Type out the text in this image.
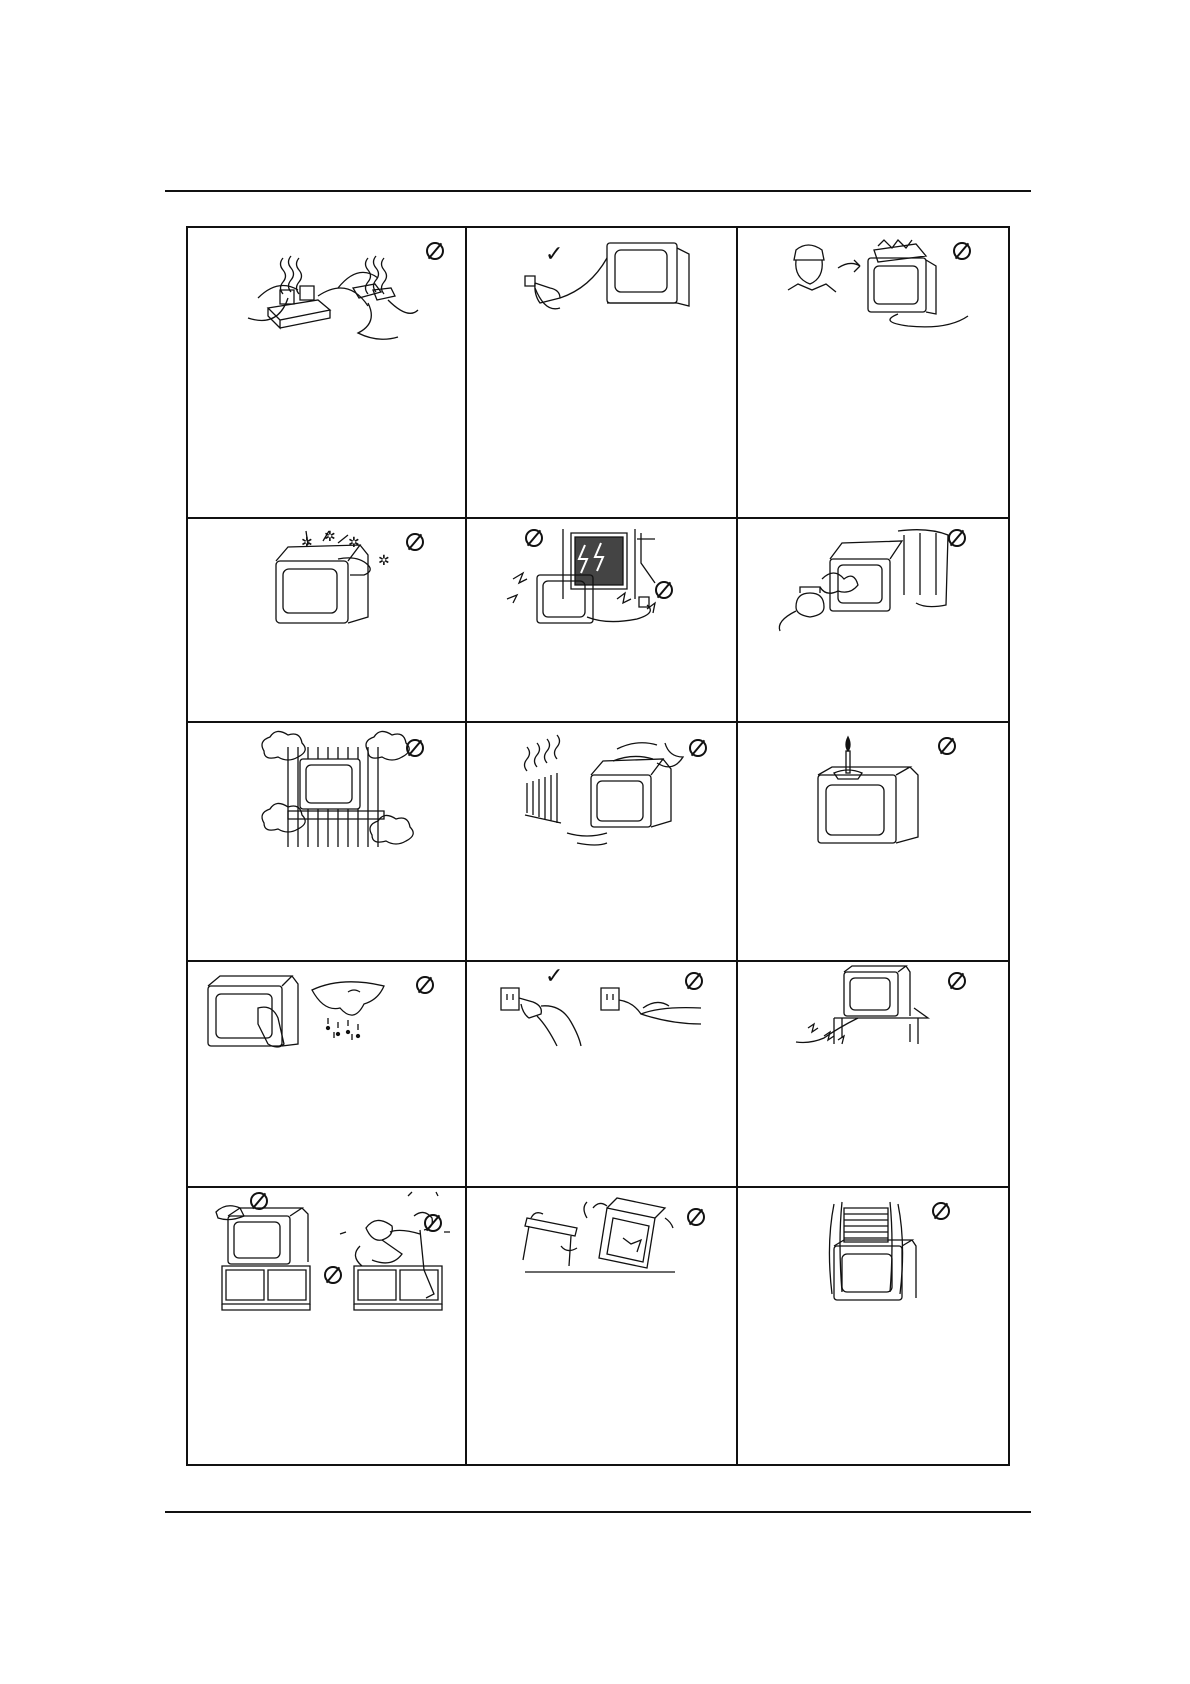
✓
✲ ✲ ✲
✲
✓
